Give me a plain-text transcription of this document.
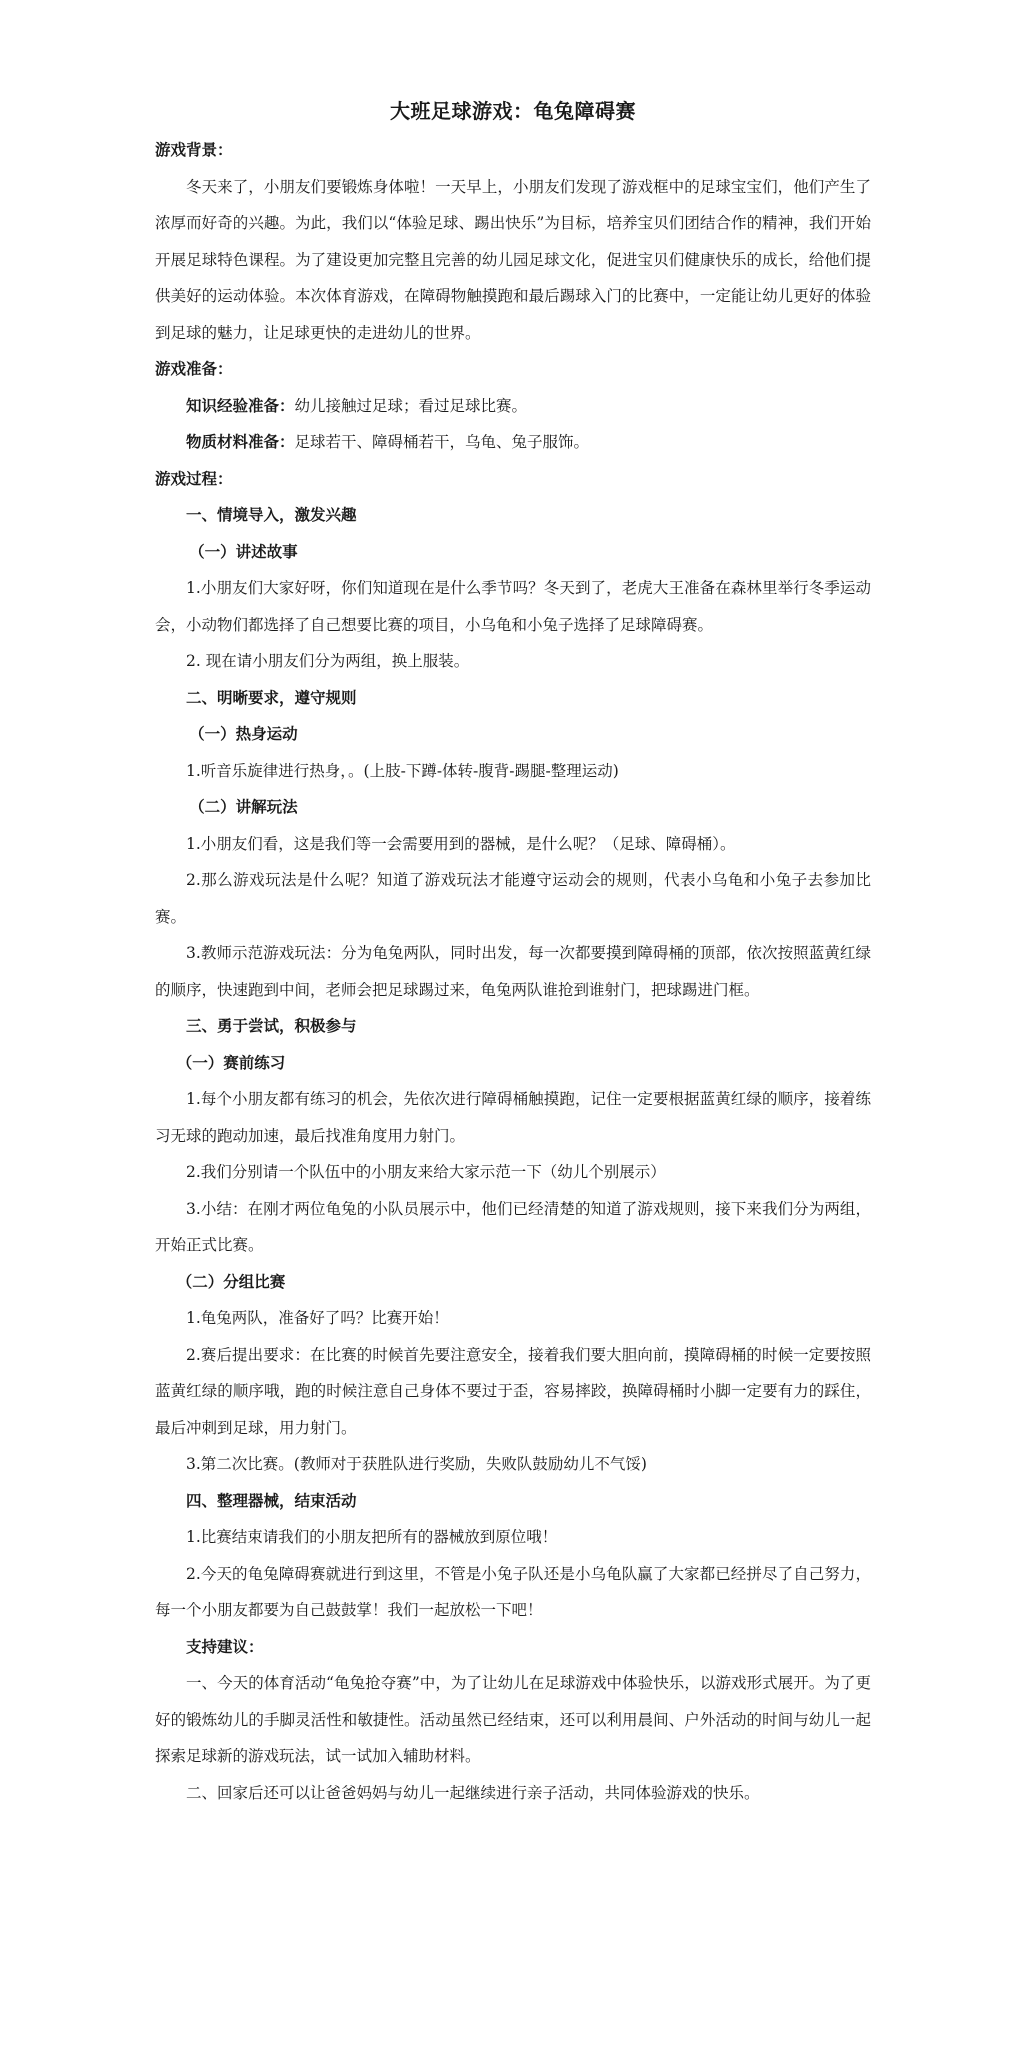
大班足球游戏：龟兔障碍赛

游戏背景：

冬天来了，小朋友们要锻炼身体啦！一天早上，小朋友们发现了游戏框中的足球宝宝们，他们产生了浓厚而好奇的兴趣。为此，我们以“体验足球、踢出快乐”为目标，培养宝贝们团结合作的精神，我们开始开展足球特色课程。为了建设更加完整且完善的幼儿园足球文化，促进宝贝们健康快乐的成长，给他们提供美好的运动体验。本次体育游戏，在障碍物触摸跑和最后踢球入门的比赛中，一定能让幼儿更好的体验到足球的魅力，让足球更快的走进幼儿的世界。

游戏准备：

知识经验准备：幼儿接触过足球；看过足球比赛。

物质材料准备：足球若干、障碍桶若干，乌龟、兔子服饰。

游戏过程：

一、情境导入，激发兴趣

（一）讲述故事

1.小朋友们大家好呀，你们知道现在是什么季节吗？冬天到了，老虎大王准备在森林里举行冬季运动会，小动物们都选择了自己想要比赛的项目，小乌龟和小兔子选择了足球障碍赛。

2. 现在请小朋友们分为两组，换上服装。

二、明晰要求，遵守规则

（一）热身运动

1.听音乐旋律进行热身，。(上肢-下蹲-体转-腹背-踢腿-整理运动)

（二）讲解玩法

1.小朋友们看，这是我们等一会需要用到的器械，是什么呢？（足球、障碍桶）。

2.那么游戏玩法是什么呢？知道了游戏玩法才能遵守运动会的规则，代表小乌龟和小兔子去参加比赛。

3.教师示范游戏玩法：分为龟兔两队，同时出发，每一次都要摸到障碍桶的顶部，依次按照蓝黄红绿的顺序，快速跑到中间，老师会把足球踢过来，龟兔两队谁抢到谁射门，把球踢进门框。

三、勇于尝试，积极参与

（一）赛前练习

1.每个小朋友都有练习的机会，先依次进行障碍桶触摸跑，记住一定要根据蓝黄红绿的顺序，接着练习无球的跑动加速，最后找准角度用力射门。

2.我们分别请一个队伍中的小朋友来给大家示范一下（幼儿个别展示）

3.小结：在刚才两位龟兔的小队员展示中，他们已经清楚的知道了游戏规则，接下来我们分为两组，开始正式比赛。

（二）分组比赛

1.龟兔两队，准备好了吗？比赛开始！

2.赛后提出要求：在比赛的时候首先要注意安全，接着我们要大胆向前，摸障碍桶的时候一定要按照蓝黄红绿的顺序哦，跑的时候注意自己身体不要过于歪，容易摔跤，换障碍桶时小脚一定要有力的踩住，最后冲刺到足球，用力射门。

3.第二次比赛。(教师对于获胜队进行奖励，失败队鼓励幼儿不气馁)

四、整理器械，结束活动

1.比赛结束请我们的小朋友把所有的器械放到原位哦！

2.今天的龟兔障碍赛就进行到这里，不管是小兔子队还是小乌龟队赢了大家都已经拼尽了自己努力，每一个小朋友都要为自己鼓鼓掌！我们一起放松一下吧！

支持建议：

一、今天的体育活动“龟兔抢夺赛”中，为了让幼儿在足球游戏中体验快乐，以游戏形式展开。为了更好的锻炼幼儿的手脚灵活性和敏捷性。活动虽然已经结束，还可以利用晨间、户外活动的时间与幼儿一起探索足球新的游戏玩法，试一试加入辅助材料。

二、回家后还可以让爸爸妈妈与幼儿一起继续进行亲子活动，共同体验游戏的快乐。
